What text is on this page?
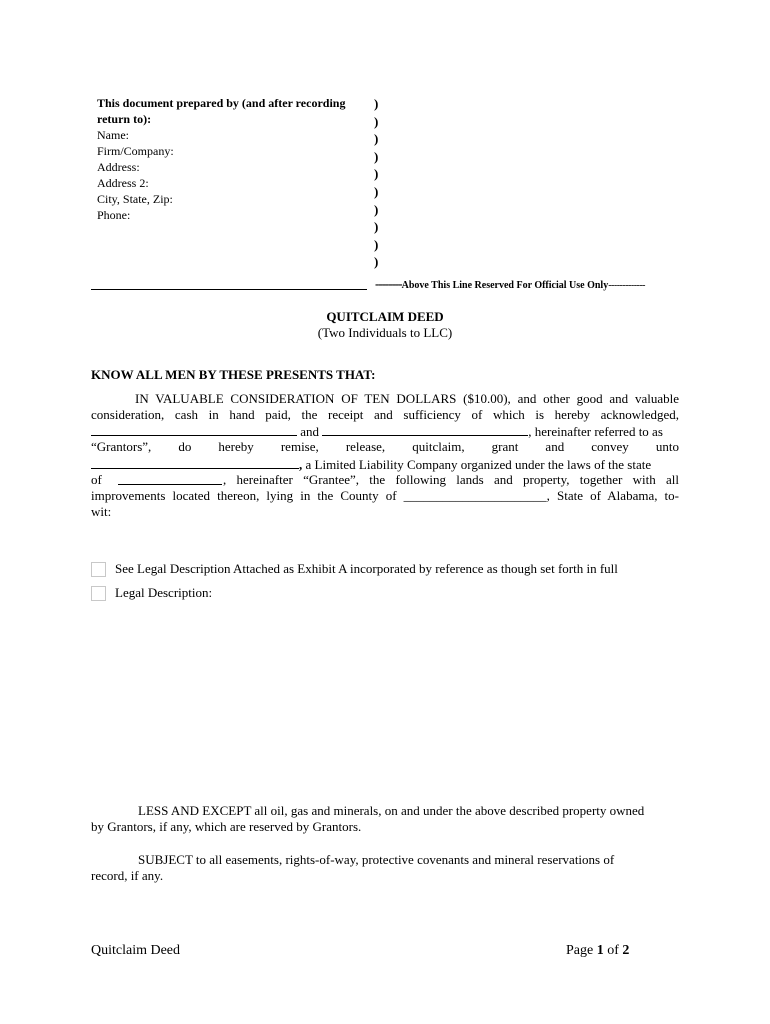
This document prepared by (and after recording
return to):
Name:
Firm/Company:
Address:
Address 2:
City, State, Zip:
Phone:
)
)
)
)
)
)
)
)
)
)
--------Above This Line Reserved For Official Use Only-------------
QUITCLAIM DEED
(Two Individuals to LLC)
KNOW ALL MEN BY THESE PRESENTS THAT:
IN VALUABLE CONSIDERATION OF TEN DOLLARS ($10.00), and other good and valuable
consideration, cash in hand paid, the receipt and sufficiency of which is hereby acknowledged,
and	, hereinafter referred to as
“Grantors”, do hereby remise, release, quitclaim, grant and convey unto
, a Limited Liability Company organized under the laws of the state
of	, hereinafter “Grantee”, the following lands and property, together with all
improvements located thereon, lying in the County of ______________________, State of Alabama, to-
wit:
See Legal Description Attached as Exhibit A incorporated by reference as though set forth in full
Legal Description:
LESS AND EXCEPT all oil, gas and minerals, on and under the above described property owned
by Grantors, if any, which are reserved by Grantors.
SUBJECT to all easements, rights-of-way, protective covenants and mineral reservations of
record, if any.
Quitclaim Deed	Page 1 of 2
